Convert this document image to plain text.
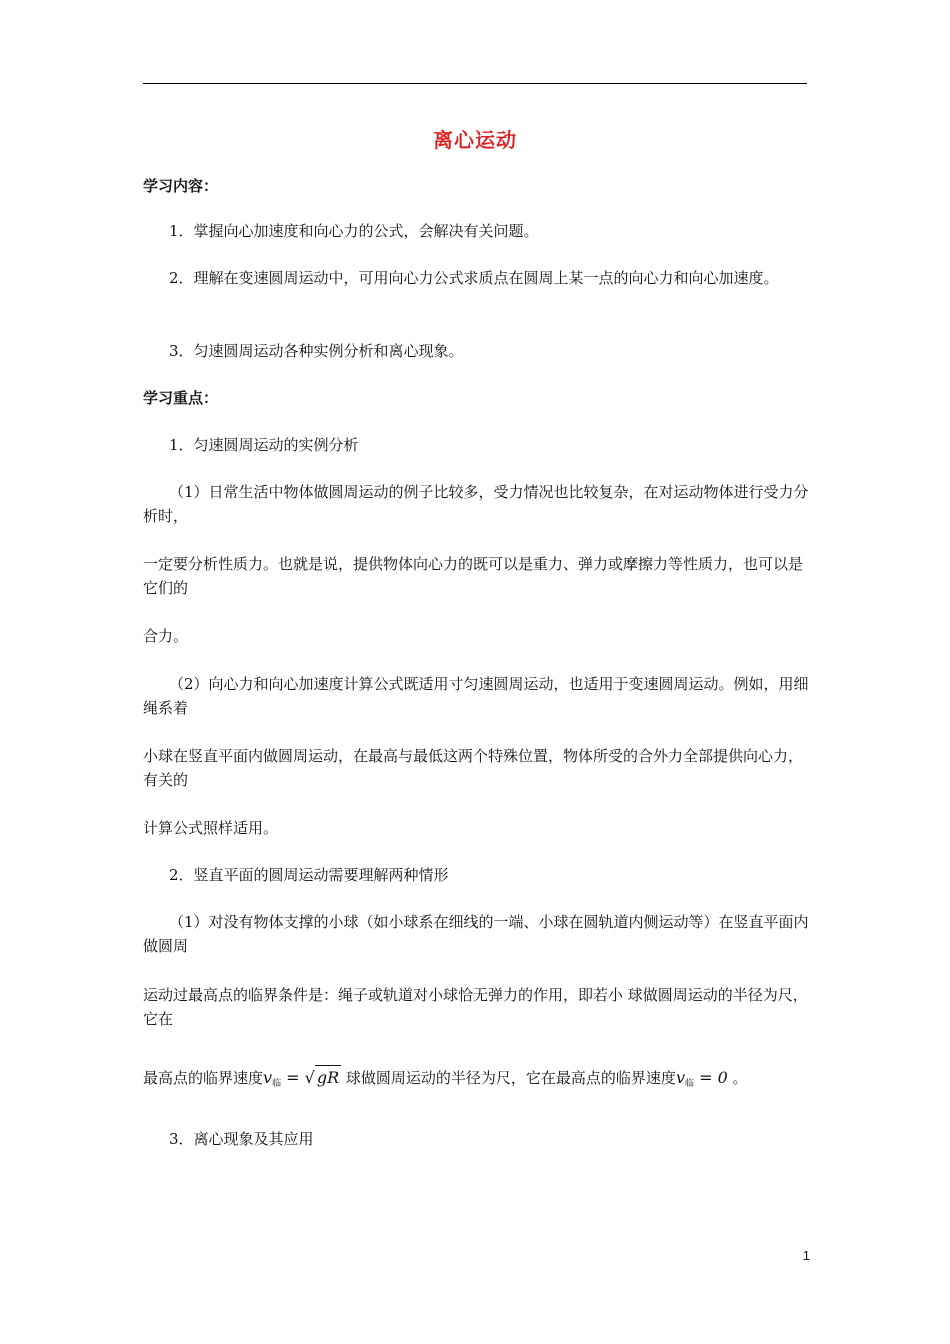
离心运动

学习内容：

1．掌握向心加速度和向心力的公式，会解决有关问题。

2．理解在变速圆周运动中，可用向心力公式求质点在圆周上某一点的向心力和向心加速度。

3．匀速圆周运动各种实例分析和离心现象。

学习重点：

1．匀速圆周运动的实例分析

（1）日常生活中物体做圆周运动的例子比较多，受力情况也比较复杂，在对运动物体进行受力分析时，

一定要分析性质力。也就是说，提供物体向心力的既可以是重力、弹力或摩擦力等性质力，也可以是它们的

合力。

（2）向心力和向心加速度计算公式既适用寸匀速圆周运动，也适用于变速圆周运动。例如，用细绳系着

小球在竖直平面内做圆周运动，在最高与最低这两个特殊位置，物体所受的合外力全部提供向心力，有关的

计算公式照样适用。

2．竖直平面的圆周运动需要理解两种情形

（1）对没有物体支撑的小球（如小球系在细线的一端、小球在圆轨道内侧运动等）在竖直平面内做圆周

运动过最高点的临界条件是：绳子或轨道对小球恰无弹力的作用，即若小 球做圆周运动的半径为尺，它在

最高点的临界速度$v_临$ = √ gR 球做圆周运动的半径为尺，它在最高点的临界速度$v_临 = 0$ 。

3．离心现象及其应用

1
